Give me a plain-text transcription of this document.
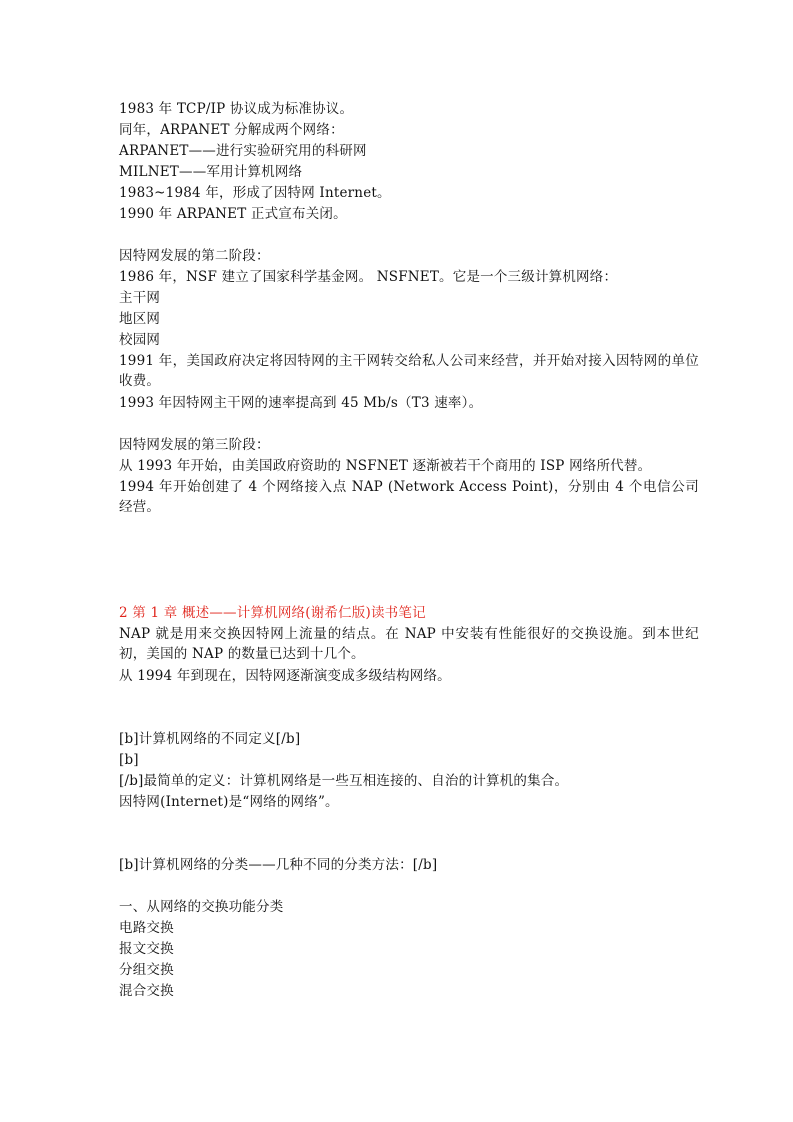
1983 年 TCP/IP 协议成为标准协议。
同年，ARPANET 分解成两个网络：
ARPANET——进行实验研究用的科研网
MILNET——军用计算机网络
1983~1984 年，形成了因特网 Internet。
1990 年 ARPANET 正式宣布关闭。
因特网发展的第二阶段：
1986 年，NSF 建立了国家科学基金网。 NSFNET。它是一个三级计算机网络：
主干网
地区网
校园网
1991 年，美国政府决定将因特网的主干网转交给私人公司来经营，并开始对接入因特网的单位收费。
1993 年因特网主干网的速率提高到 45 Mb/s（T3 速率）。
因特网发展的第三阶段：
从 1993 年开始，由美国政府资助的 NSFNET 逐渐被若干个商用的 ISP 网络所代替。
1994 年开始创建了 4 个网络接入点 NAP (Network Access Point)，分别由 4 个电信公司经营。
2 第 1 章 概述——计算机网络(谢希仁版)读书笔记
NAP 就是用来交换因特网上流量的结点。在 NAP 中安装有性能很好的交换设施。到本世纪初，美国的 NAP 的数量已达到十几个。
从 1994 年到现在，因特网逐渐演变成多级结构网络。
[b]计算机网络的不同定义[/b]
[b]
[/b]最简单的定义：计算机网络是一些互相连接的、自治的计算机的集合。
因特网(Internet)是“网络的网络”。
[b]计算机网络的分类——几种不同的分类方法：[/b]
一、从网络的交换功能分类
电路交换
报文交换
分组交换
混合交换
